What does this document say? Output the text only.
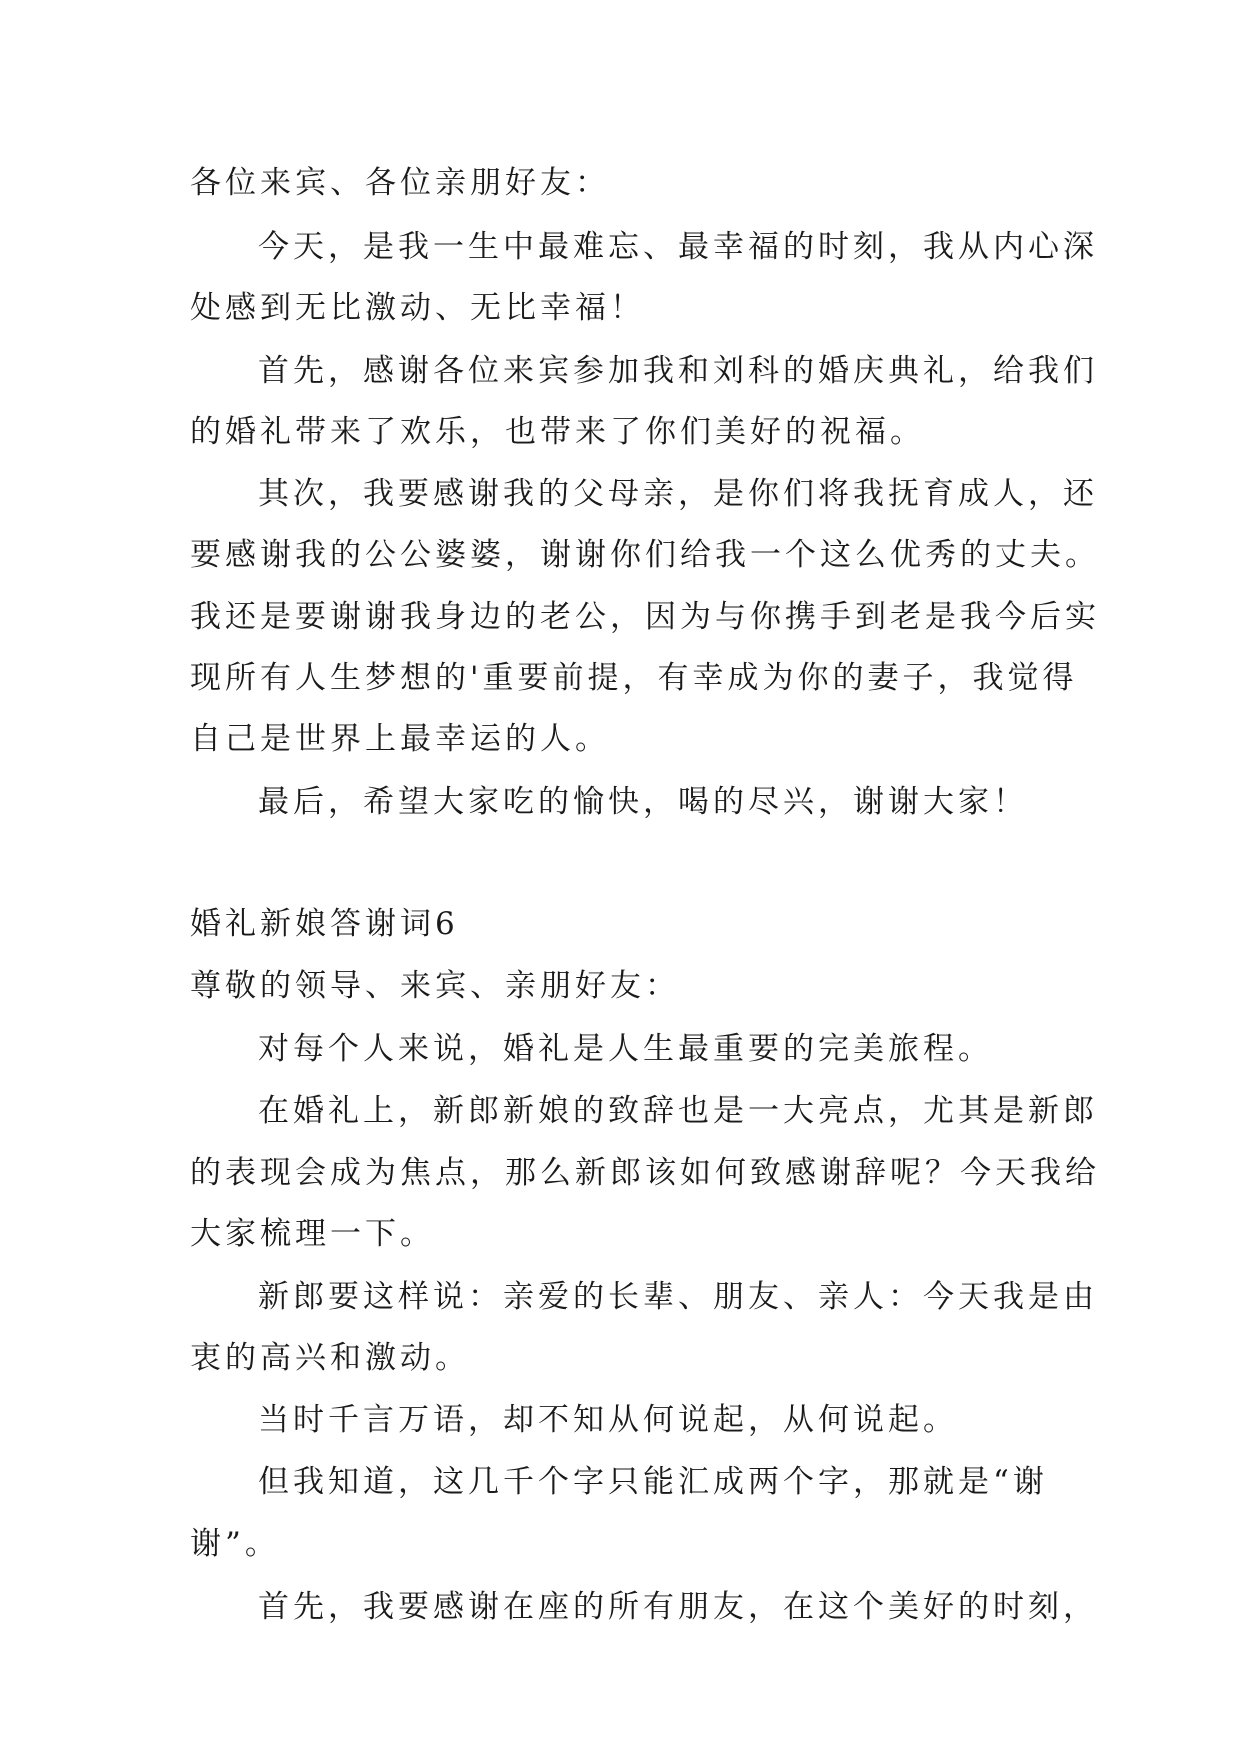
各位来宾、各位亲朋好友：
今天，是我一生中最难忘、最幸福的时刻，我从内心深
处感到无比激动、无比幸福！
首先，感谢各位来宾参加我和刘科的婚庆典礼，给我们
的婚礼带来了欢乐，也带来了你们美好的祝福。
其次，我要感谢我的父母亲，是你们将我抚育成人，还
要感谢我的公公婆婆，谢谢你们给我一个这么优秀的丈夫。
我还是要谢谢我身边的老公，因为与你携手到老是我今后实
现所有人生梦想的'重要前提，有幸成为你的妻子，我觉得
自己是世界上最幸运的人。
最后，希望大家吃的愉快，喝的尽兴，谢谢大家！
婚礼新娘答谢词6
尊敬的领导、来宾、亲朋好友：
对每个人来说，婚礼是人生最重要的完美旅程。
在婚礼上，新郎新娘的致辞也是一大亮点，尤其是新郎
的表现会成为焦点，那么新郎该如何致感谢辞呢？今天我给
大家梳理一下。
新郎要这样说：亲爱的长辈、朋友、亲人：今天我是由
衷的高兴和激动。
当时千言万语，却不知从何说起，从何说起。
但我知道，这几千个字只能汇成两个字，那就是“谢
谢”。
首先，我要感谢在座的所有朋友，在这个美好的时刻，
